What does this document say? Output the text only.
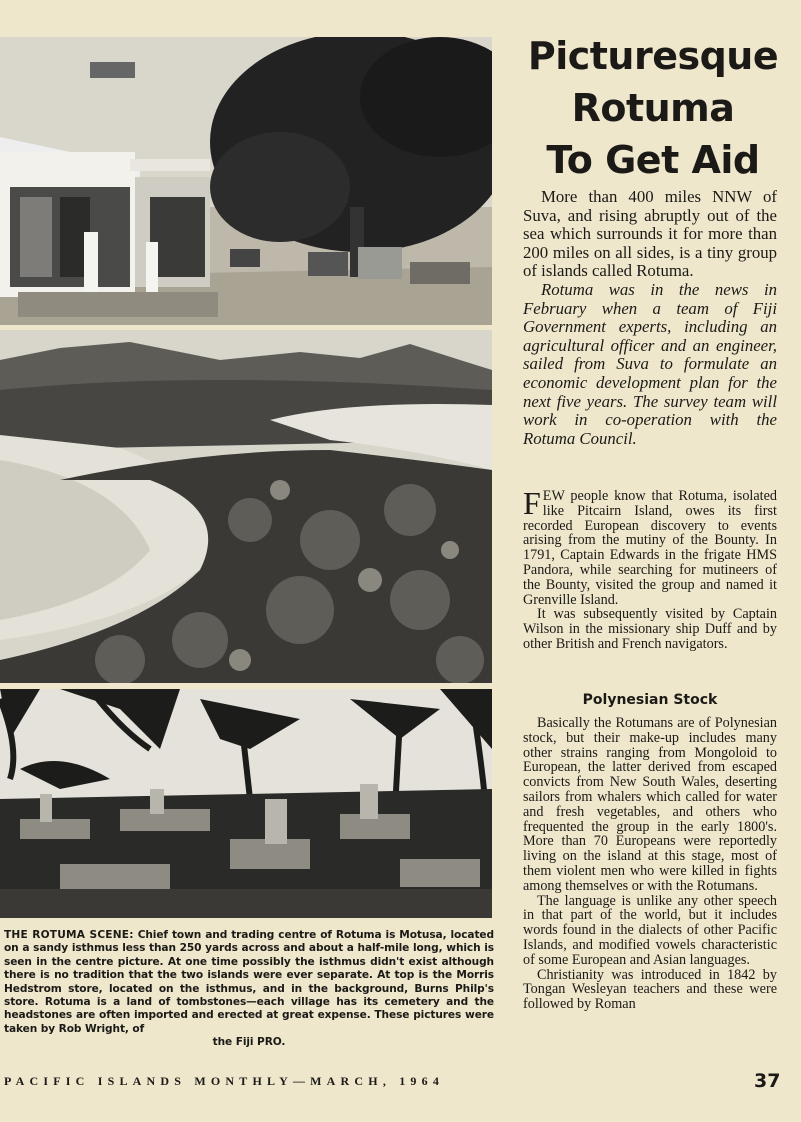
THE ROTUMA SCENE: Chief town and trading centre of Rotuma is Motusa, located on a sandy isthmus less than 250 yards across and about a half-mile long, which is seen in the centre picture. At one time possibly the isthmus didn't exist although there is no tradition that the two islands were ever separate. At top is the Morris Hedstrom store, located on the isthmus, and in the background, Burns Philp's store. Rotuma is a land of tombstones—each village has its cemetery and the headstones are often imported and erected at great expense. These pictures were taken by Rob Wright, of
the Fiji PRO.
Picturesque
Rotuma
To Get Aid

More than 400 miles NNW of Suva, and rising abruptly out of the sea which surrounds it for more than 200 miles on all sides, is a tiny group of islands called Rotuma.

Rotuma was in the news in February when a team of Fiji Government experts, including an agricultural officer and an engineer, sailed from Suva to formulate an economic development plan for the next five years. The survey team will work in co-operation with the Rotuma Council.

FEW people know that Rotuma, isolated like Pitcairn Island, owes its first recorded European discovery to events arising from the mutiny of the Bounty. In 1791, Captain Edwards in the frigate HMS Pandora, while searching for mutineers of the Bounty, visited the group and named it Grenville Island.

It was subsequently visited by Captain Wilson in the missionary ship Duff and by other British and French navigators.

Polynesian Stock

Basically the Rotumans are of Polynesian stock, but their make-up includes many other strains ranging from Mongoloid to European, the latter derived from escaped convicts from New South Wales, deserting sailors from whalers which called for water and fresh vegetables, and others who frequented the group in the early 1800's. More than 70 Europeans were reportedly living on the island at this stage, most of them violent men who were killed in fights among themselves or with the Rotumans.

The language is unlike any other speech in that part of the world, but it includes words found in the dialects of other Pacific Islands, and modified vowels characteristic of some European and Asian languages.

Christianity was introduced in 1842 by Tongan Wesleyan teachers and these were followed by Roman

PACIFIC ISLANDS MONTHLY—MARCH, 1964	37
